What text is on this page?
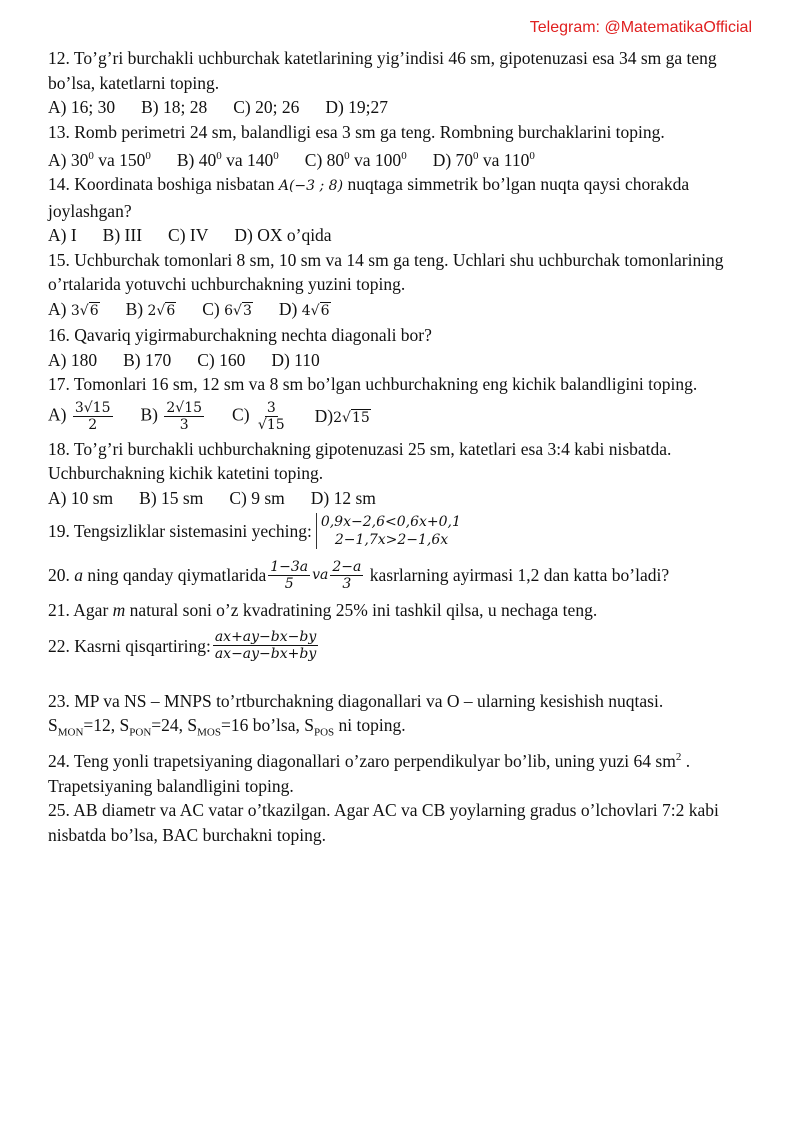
Telegram: @MatematikaOfficial
12. To’g’ri burchakli uchburchak katetlarining yig’indisi 46 sm, gipotenuzasi esa 34 sm ga teng bo’lsa, katetlarni toping.
A) 16; 30 B) 18; 28 C) 20; 26 D) 19;27
13. Romb perimetri 24 sm, balandligi esa 3 sm ga teng. Rombning burchaklarini toping.
A) $30^0$ va $150^0$ B) $40^0$ va $140^0$ C) $80^0$ va $100^0$ D) $70^0$ va $110^0$
14. Koordinata boshiga nisbatan A(−3 ; 8) nuqtaga simmetrik bo’lgan nuqta qaysi chorakda joylashgan?
A) I B) III C) IV D) OX o’qida
15. Uchburchak tomonlari 8 sm, 10 sm va 14 sm ga teng. Uchlari shu uchburchak tomonlarining o’rtalarida yotuvchi uchburchakning yuzini toping.
A) 3√6 B) 2√6 C) 6√3 D) 4√6
16. Qavariq yigirmaburchakning nechta diagonali bor?
A) 180 B) 170 C) 160 D) 110
17. Tomonlari 16 sm, 12 sm va 8 sm bo’lgan uchburchakning eng kichik balandligini toping.
$A) \frac{3√15}{2} B) \frac{2√15}{3} C) \frac{3}{√15} D)2√15$
18. To’g’ri burchakli uchburchakning gipotenuzasi 25 sm, katetlari esa 3:4 kabi nisbatda. Uchburchakning kichik katetini toping.
A) 10 sm B) 15 sm C) 9 sm D) 12 sm
19. Tengsizliklar sistemasini yeching: 0,9x−2,6<0,6x+0,1
2−1,7x>2−1,6x
20.
a
ning qanday qiymatlarida $\frac{1-3a}{5}$ va $\frac{2-a}{3}$
kasrlarning ayirmasi 1,2 dan katta bo’ladi?
21. Agar m natural soni o’z kvadratining 25% ini tashkil qilsa, u nechaga teng.
22. Kasrni qisqartiring: $\frac{ax+ay-bx-by}{ax-ay-bx+by}$
23. MP va NS – MNPS to’rtburchakning diagonallari va O – ularning kesishish nuqtasi.
$S_{MON}=12$, $S_{PON}=24$, $S_{MOS}=16$ bo’lsa, $S_{POS}$ ni toping.
24. Teng yonli trapetsiyaning diagonallari o’zaro perpendikulyar bo’lib, uning yuzi 64 $sm^2$ .
Trapetsiyaning balandligini toping.
25. AB diametr va AC vatar o’tkazilgan. Agar AC va CB yoylarning gradus o’lchovlari 7:2 kabi nisbatda bo’lsa, BAC burchakni toping.
